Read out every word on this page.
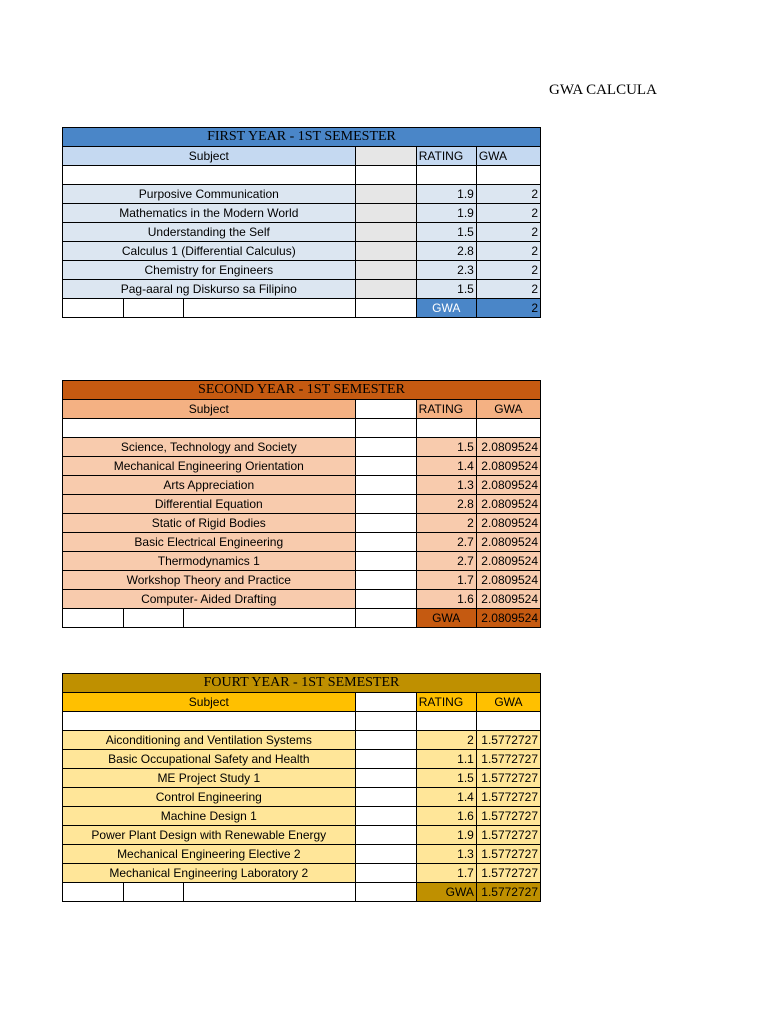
GWA CALCULA
FIRST YEAR - 1ST SEMESTER					
Subject				RATING	GWA

Purposive Communication				1.9	2
Mathematics in the Modern World				1.9	2
Understanding the Self				1.5	2
Calculus 1 (Differential Calculus)				2.8	2
Chemistry for Engineers				2.3	2
Pag-aaral ng Diskurso sa Filipino				1.5	2
				GWA	2
SECOND YEAR - 1ST SEMESTER					
Subject				RATING	GWA

Science, Technology and Society				1.5	2.0809524
Mechanical Engineering Orientation				1.4	2.0809524
Arts Appreciation				1.3	2.0809524
Differential Equation				2.8	2.0809524
Static of Rigid Bodies				2	2.0809524
Basic Electrical Engineering				2.7	2.0809524
Thermodynamics 1				2.7	2.0809524
Workshop Theory and Practice				1.7	2.0809524
Computer- Aided Drafting				1.6	2.0809524
				GWA	2.0809524
FOURT YEAR - 1ST SEMESTER					
Subject				RATING	GWA

Aiconditioning and Ventilation Systems				2	1.5772727
Basic Occupational Safety and Health				1.1	1.5772727
ME Project Study 1				1.5	1.5772727
Control Engineering				1.4	1.5772727
Machine Design 1				1.6	1.5772727
Power Plant Design with Renewable Energy				1.9	1.5772727
Mechanical Engineering Elective 2				1.3	1.5772727
Mechanical Engineering Laboratory 2				1.7	1.5772727
				GWA	1.5772727
